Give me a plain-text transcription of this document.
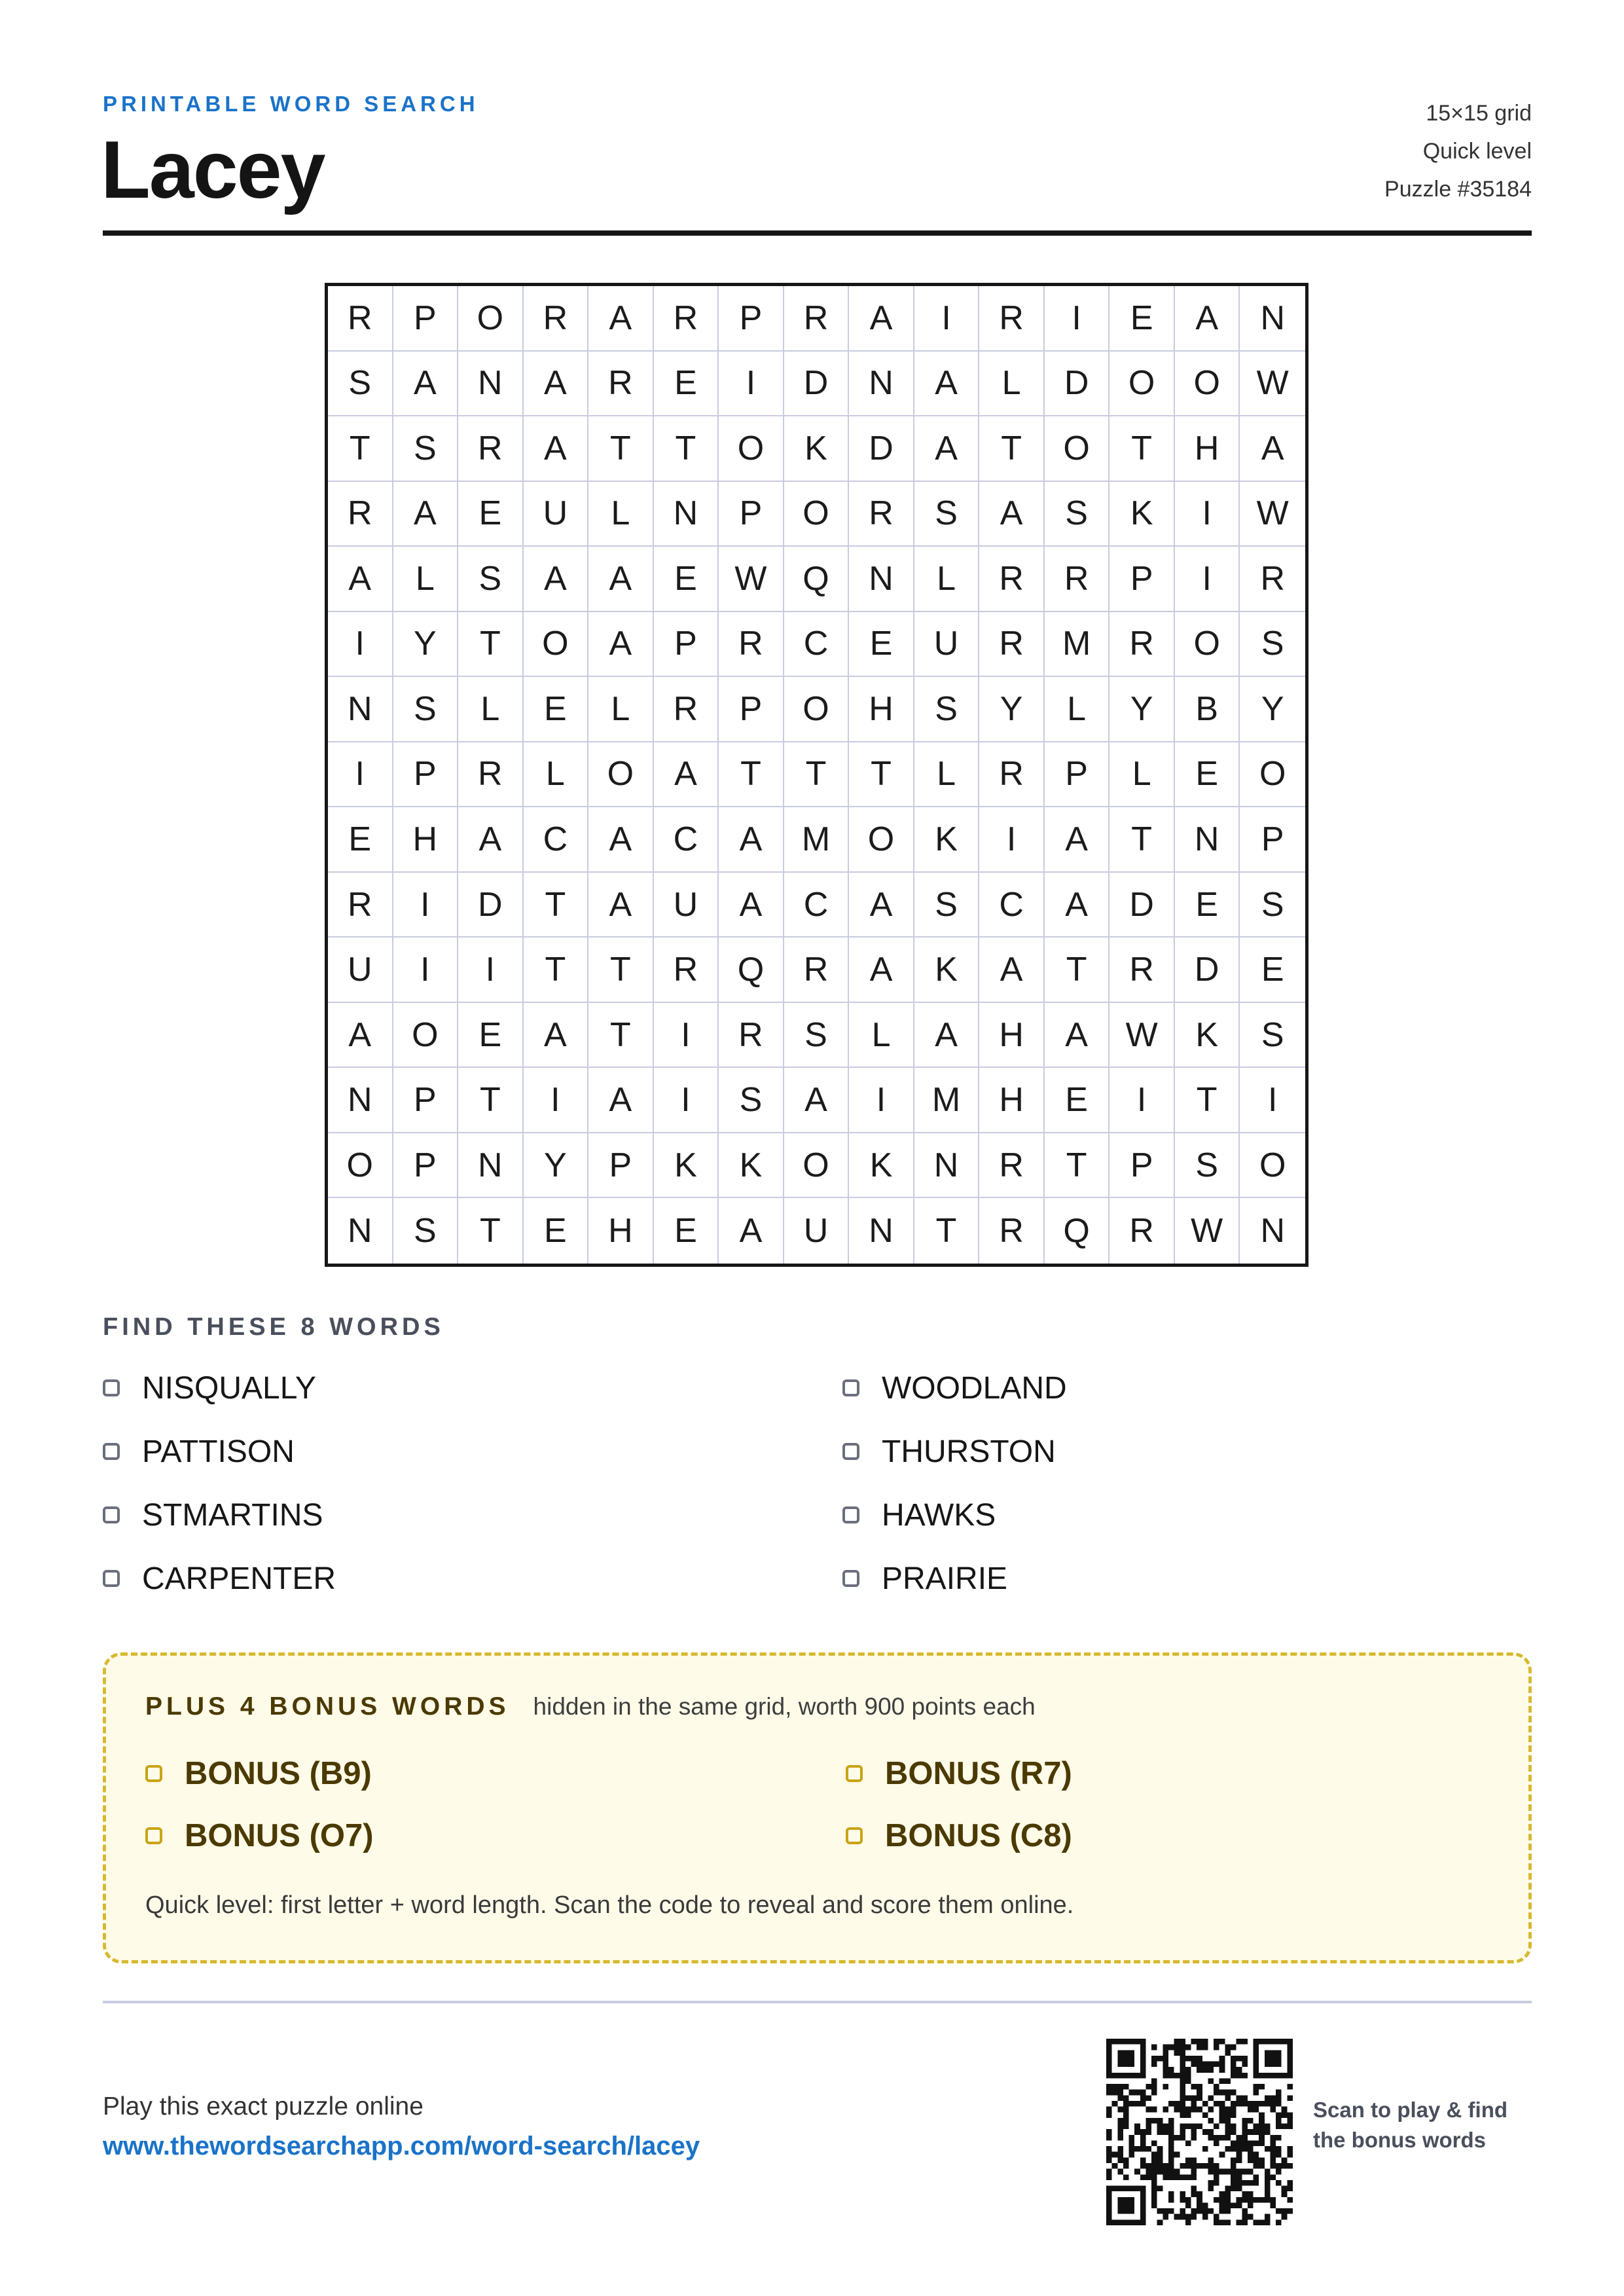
PRINTABLE WORD SEARCH
Lacey
15×15 grid
Quick level
Puzzle #35184
R	P	O	R	A	R	P	R	A	I	R	I	E	A	N
S	A	N	A	R	E	I	D	N	A	L	D	O	O	W
T	S	R	A	T	T	O	K	D	A	T	O	T	H	A
R	A	E	U	L	N	P	O	R	S	A	S	K	I	W
A	L	S	A	A	E	W	Q	N	L	R	R	P	I	R
I	Y	T	O	A	P	R	C	E	U	R	M	R	O	S
N	S	L	E	L	R	P	O	H	S	Y	L	Y	B	Y
I	P	R	L	O	A	T	T	T	L	R	P	L	E	O
E	H	A	C	A	C	A	M	O	K	I	A	T	N	P
R	I	D	T	A	U	A	C	A	S	C	A	D	E	S
U	I	I	T	T	R	Q	R	A	K	A	T	R	D	E
A	O	E	A	T	I	R	S	L	A	H	A	W	K	S
N	P	T	I	A	I	S	A	I	M	H	E	I	T	I
O	P	N	Y	P	K	K	O	K	N	R	T	P	S	O
N	S	T	E	H	E	A	U	N	T	R	Q	R	W	N
FIND THESE 8 WORDS
NISQUALLY	WOODLAND
PATTISON	THURSTON
STMARTINS	HAWKS
CARPENTER	PRAIRIE
PLUS 4 BONUS WORDS hidden in the same grid, worth 900 points each
BONUS (B9)	BONUS (R7)
BONUS (O7)	BONUS (C8)
Quick level: first letter + word length. Scan the code to reveal and score them online.
Play this exact puzzle online
www.thewordsearchapp.com/word-search/lacey
Scan to play & find
the bonus words
